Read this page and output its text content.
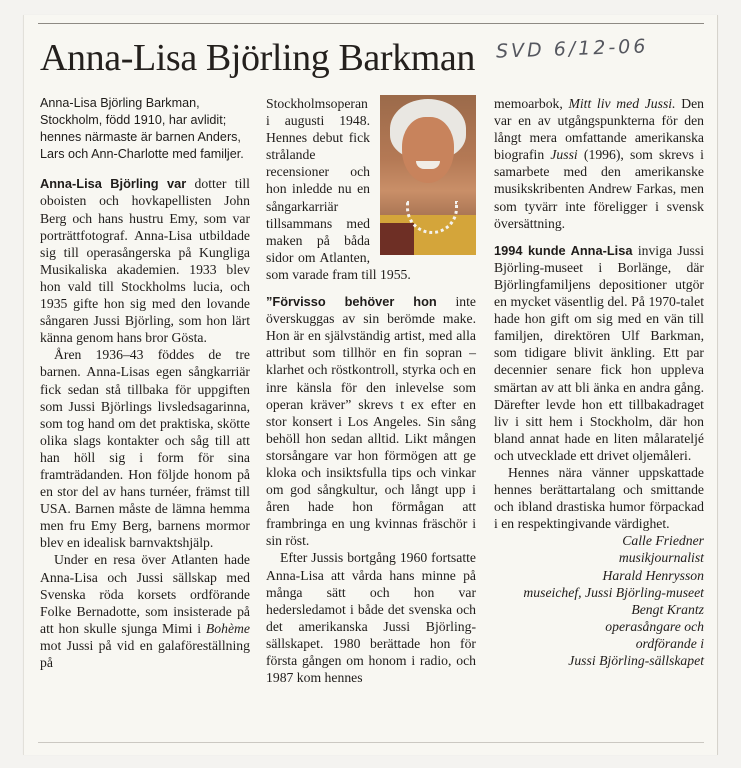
Anna-Lisa Björling Barkman SVD 6/12-06

Anna-Lisa Björling Barkman, Stockholm, född 1910, har avlidit; hennes närmaste är barnen Anders, Lars och Ann-Charlotte med familjer.

Anna-Lisa Björling var dotter till oboisten och hovkapellisten John Berg och hans hustru Emy, som var porträttfotograf. Anna-Lisa utbildade sig till operasångerska på Kungliga Musikaliska akademien. 1933 blev hon vald till Stockholms lucia, och 1935 gifte hon sig med den lovande sångaren Jussi Björling, som hon lärt känna genom hans bror Gösta.

Åren 1936–43 föddes de tre barnen. Anna-Lisas egen sångkarriär fick sedan stå tillbaka för uppgiften som Jussi Björlings livsledsagarinna, som tog hand om det praktiska, skötte olika slags kontakter och såg till att han höll sig i form för sina framträdanden. Hon följde honom på en stor del av hans turnéer, främst till USA. Barnen måste de lämna hemma men fru Emy Berg, barnens mormor blev en idealisk barnvaktshjälp.

Under en resa över Atlanten hade Anna-Lisa och Jussi sällskap med Svenska röda korsets ordförande Folke Bernadotte, som insisterade på att hon skulle sjunga Mimi i Bohème mot Jussi på vid en galaföreställning på

Stockholmsoperan i augusti 1948. Hennes debut fick strålande recensioner och hon inledde nu en sångarkarriär tillsammans med maken på båda sidor om Atlanten, som varade fram till 1955.

”Förvisso behöver hon inte överskuggas av sin berömde make. Hon är en självständig artist, med alla attribut som tillhör en fin sopran – klarhet och röstkontroll, styrka och en inre känsla för den inlevelse som operan kräver” skrevs t ex efter en stor konsert i Los Angeles. Sin sång behöll hon sedan alltid. Likt mången storsångare var hon förmögen att ge kloka och insiktsfulla tips och vinkar om god sångkultur, och långt upp i åren hade hon förmågan att frambringa en ung kvinnas fräschör i sin röst.

Efter Jussis bortgång 1960 fortsatte Anna-Lisa att vårda hans minne på många sätt och hon var hedersledamot i både det svenska och det amerikanska Jussi Björling-sällskapet. 1980 berättade hon för första gången om honom i radio, och 1987 kom hennes

memoarbok, Mitt liv med Jussi. Den var en av utgångspunkterna för den långt mera omfattande amerikanska biografin Jussi (1996), som skrevs i samarbete med den amerikanske musikskribenten Andrew Farkas, men som tyvärr inte föreligger i svensk översättning.

1994 kunde Anna-Lisa inviga Jussi Björling-museet i Borlänge, där Björlingfamiljens depositioner utgör en mycket väsentlig del. På 1970-talet hade hon gift om sig med en vän till familjen, direktören Ulf Barkman, som tidigare blivit änkling. Ett par decennier senare fick hon uppleva smärtan av att bli änka en andra gång. Därefter levde hon ett tillbakadraget liv i sitt hem i Stockholm, där hon bland annat hade en liten målarateljé och utvecklade ett drivet oljemåleri.

Hennes nära vänner uppskattade hennes berättartalang och smittande och ibland drastiska humor förpackad i en respektingivande värdighet.

Calle Friedner

musikjournalist

Harald Henrysson

museichef, Jussi Björling-museet

Bengt Krantz

operasångare och

ordförande i

Jussi Björling-sällskapet
